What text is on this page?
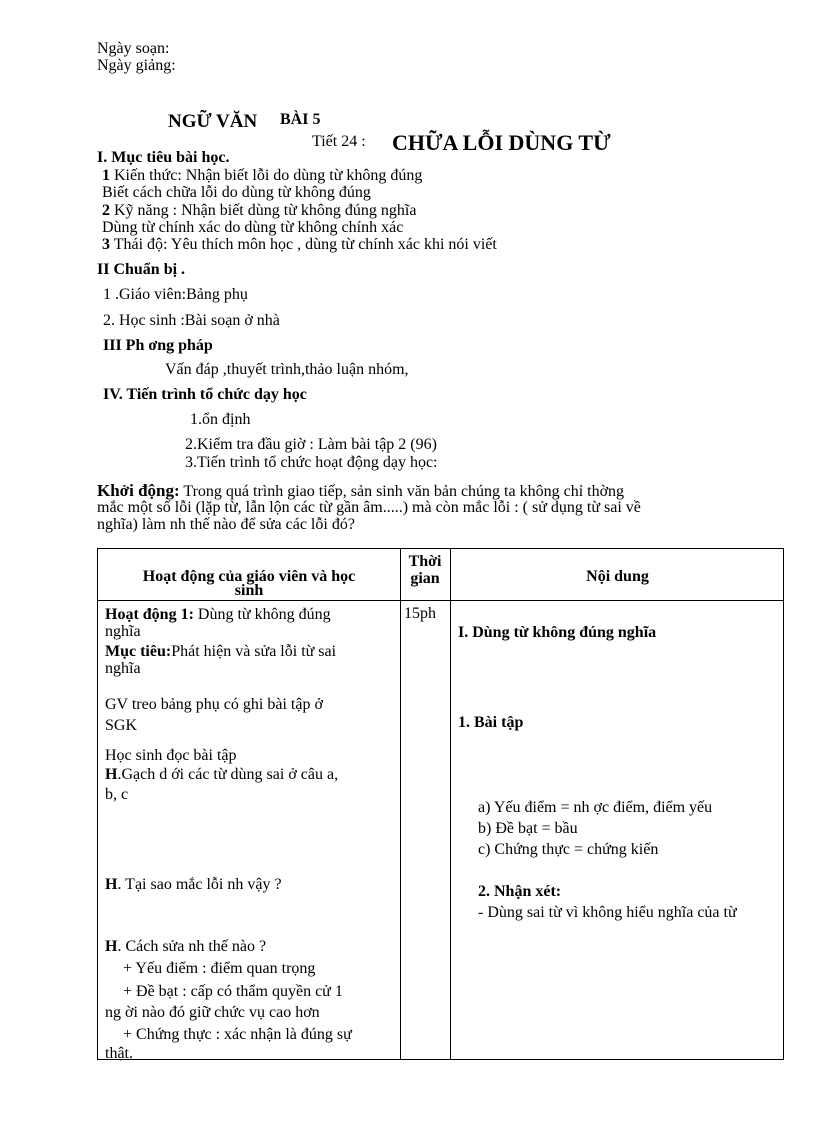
Ngày soạn:
Ngày giảng:
NGỮ VĂN BÀI 5
Tiết 24 : CHỮA LỖI DÙNG TỪ
I. Mục tiêu bài học.
1 Kiến thức: Nhận biết lỗi do dùng từ không đúng
Biết cách chữa lỗi do dùng từ không đúng
2 Kỹ năng : Nhận biết dùng từ không đúng nghĩa
Dùng từ chính xác do dùng từ không chính xác
3 Thái độ: Yêu thích môn học , dùng từ chính xác khi nói viết
II Chuẩn bị .
1 .Giáo viên:Bảng phụ
2. Học sinh :Bài soạn ở nhà
III Ph ơng pháp
Vấn đáp ,thuyết trình,thảo luận nhóm,
IV. Tiến trình tổ chức dạy học
1.ổn định
2.Kiểm tra đầu giờ : Làm bài tập 2 (96)
3.Tiến trình tổ chức hoạt động dạy học:
Khởi động: Trong quá trình giao tiếp, sản sinh văn bản chúng ta không chỉ thờng
mắc một số lỗi (lặp từ, lẫn lộn các từ gần âm.....) mà còn mắc lỗi : ( sử dụng từ sai về
nghĩa) làm nh thế nào để sửa các lỗi đó?
Hoạt động của giáo viên và học
sinh
Thời
gian	Nội dung
Hoạt động 1: Dùng từ không đúng
nghĩa
Mục tiêu:Phát hiện và sửa lỗi từ sai
nghĩa
GV treo bảng phụ có ghi bài tập ở
SGK
Học sinh đọc bài tập
H.Gạch d ới các từ dùng sai ở câu a,
b, c
H. Tại sao mắc lỗi nh vậy ?
H. Cách sửa nh thế nào ?
+ Yếu điểm : điểm quan trọng
+ Đề bạt : cấp có thẩm quyền cử 1
ng ời nào đó giữ chức vụ cao hơn
+ Chứng thực : xác nhận là đúng sự
thật.
15ph
I. Dùng từ không đúng nghĩa
1. Bài tập
a) Yếu điểm = nh ợc điểm, điểm yếu
b) Đề bạt = bầu
c) Chứng thực = chứng kiến
2. Nhận xét:
- Dùng sai từ vì không hiểu nghĩa của từ
